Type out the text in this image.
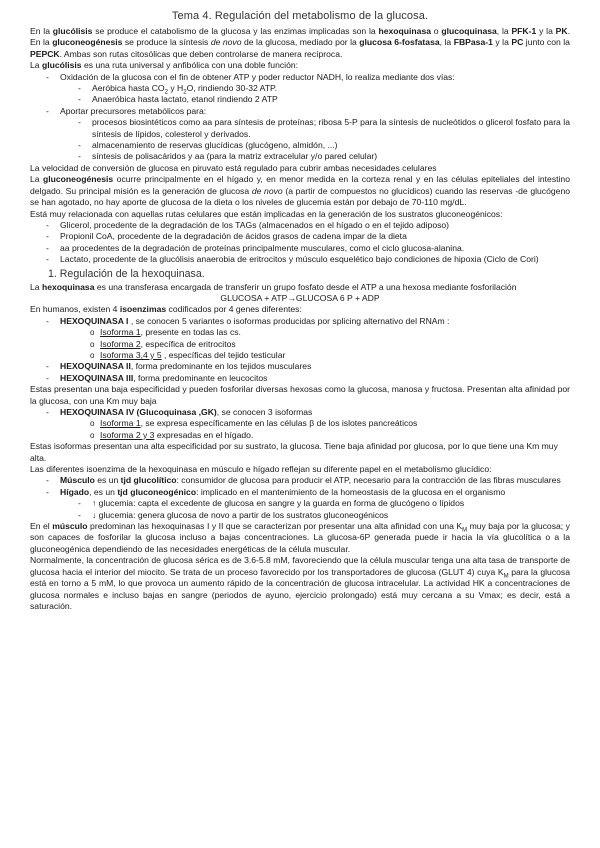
Tema 4. Regulación del metabolismo de la glucosa.

En la glucólisis se produce el catabolismo de la glucosa y las enzimas implicadas son la hexoquinasa o glucoquinasa, la PFK-1 y la PK. En la gluconeogénesis se produce la síntesis de novo de la glucosa, mediado por la glucosa 6-fosfatasa, la FBPasa-1 y la PC junto con la PEPCK. Ambas son rutas citosólicas que deben controlarse de manera recíproca.

La glucólisis es una ruta universal y anfibólica con una doble función:

-	Oxidación de la glucosa con el fin de obtener ATP y poder reductor NADH, lo realiza mediante dos vías:
-	Aeróbica hasta $CO_2$ y $H_2O$, rindiendo 30-32 ATP.
-	Anaeróbica hasta lactato, etanol rindiendo 2 ATP
-	Aportar precursores metabólicos para:
-	procesos biosintéticos como aa para síntesis de proteínas; ribosa 5-P para la síntesis de nucleótidos o glicerol fosfato para la síntesis de lípidos, colesterol y derivados.
-	almacenamiento de reservas glucídicas (glucógeno, almidón, ...)
-	síntesis de polisacáridos y aa (para la matriz extracelular y/o pared celular)

La velocidad de conversión de glucosa en piruvato está regulado para cubrir ambas necesidades celulares

La gluconeogénesis ocurre principalmente en el hígado y, en menor medida en la corteza renal y en las células epiteliales del intestino delgado. Su principal misión es la generación de glucosa de novo (a partir de compuestos no glucídicos) cuando las reservas -de glucógeno se han agotado, no hay aporte de glucosa de la dieta o los niveles de glucemia están por debajo de 70-110 mg/dL.

Está muy relacionada con aquellas rutas celulares que están implicadas en la generación de los sustratos gluconeogénicos:

-	Glicerol, procedente de la degradación de los TAGs (almacenados en el hígado o en el tejido adiposo)
-	Propionil CoA, procedente de la degradación de ácidos grasos de cadena impar de la dieta
-	aa procedentes de la degradación de proteínas principalmente musculares, como el ciclo glucosa-alanina.
-	Lactato, procedente de la glucólisis anaerobia de eritrocitos y músculo esquelético bajo condiciones de hipoxia (Ciclo de Cori)
1. Regulación de la hexoquinasa.

La hexoquinasa es una transferasa encargada de transferir un grupo fosfato desde el ATP a una hexosa mediante fosforilación

GLUCOSA + ATP→GLUCOSA 6 P + ADP

En humanos, existen 4 isoenzimas codificados por 4 genes diferentes:

-	HEXOQUINASA I , se conocen 5 variantes o isoformas producidas por splicing alternativo del RNAm :
o Isoforma 1, presente en todas las cs.
o Isoforma 2, específica de eritrocitos
o Isoforma 3,4 y 5 , específicas del tejido testicular
-	HEXOQUINASA II, forma predominante en los tejidos musculares
-	HEXOQUINASA III, forma predominante en leucocitos

Estas presentan una baja especificidad y pueden fosforilar diversas hexosas como la glucosa, manosa y fructosa. Presentan alta afinidad por la glucosa, con una Km muy baja

-	HEXOQUINASA IV (Glucoquinasa ,GK), se conocen 3 isoformas
o Isoforma 1, se expresa específicamente en las células β de los islotes pancreáticos
o Isoforma 2 y 3 expresadas en el hígado.

Estas isoformas presentan una alta especificidad por su sustrato, la glucosa. Tiene baja afinidad por glucosa, por lo que tiene una Km muy alta.

Las diferentes isoenzima de la hexoquinasa en músculo e hígado reflejan su diferente papel en el metabolismo glucídico:

-	Músculo es un tjd glucolítico: consumidor de glucosa para producir el ATP, necesario para la contracción de las fibras musculares
-	Hígado, es un tjd gluconeogénico: implicado en el mantenimiento de la homeostasis de la glucosa en el organismo
-	↑ glucemia: capta el excedente de glucosa en sangre y la guarda en forma de glucógeno o lípidos
-	↓ glucemia: genera glucosa de novo a partir de los sustratos gluconeogénicos

En el músculo predominan las hexoquinasas I y II que se caracterizan por presentar una alta afinidad con una $K_M$ muy baja por la glucosa; y son capaces de fosforilar la glucosa incluso a bajas concentraciones. La glucosa-6P generada puede ir hacia la vía glucolítica o a la gluconeogénica dependiendo de las necesidades energéticas de la célula muscular.

Normalmente, la concentración de glucosa sérica es de 3.6-5.8 mM, favoreciendo que la célula muscular tenga una alta tasa de transporte de glucosa hacia el interior del miocito. Se trata de un proceso favorecido por los transportadores de glucosa (GLUT 4) cuya $K_M$ para la glucosa está en torno a 5 mM, lo que provoca un aumento rápido de la concentración de glucosa intracelular. La actividad HK a concentraciones de glucosa normales e incluso bajas en sangre (periodos de ayuno, ejercicio prolongado) está muy cercana a su Vmax; es decir, está a saturación.
